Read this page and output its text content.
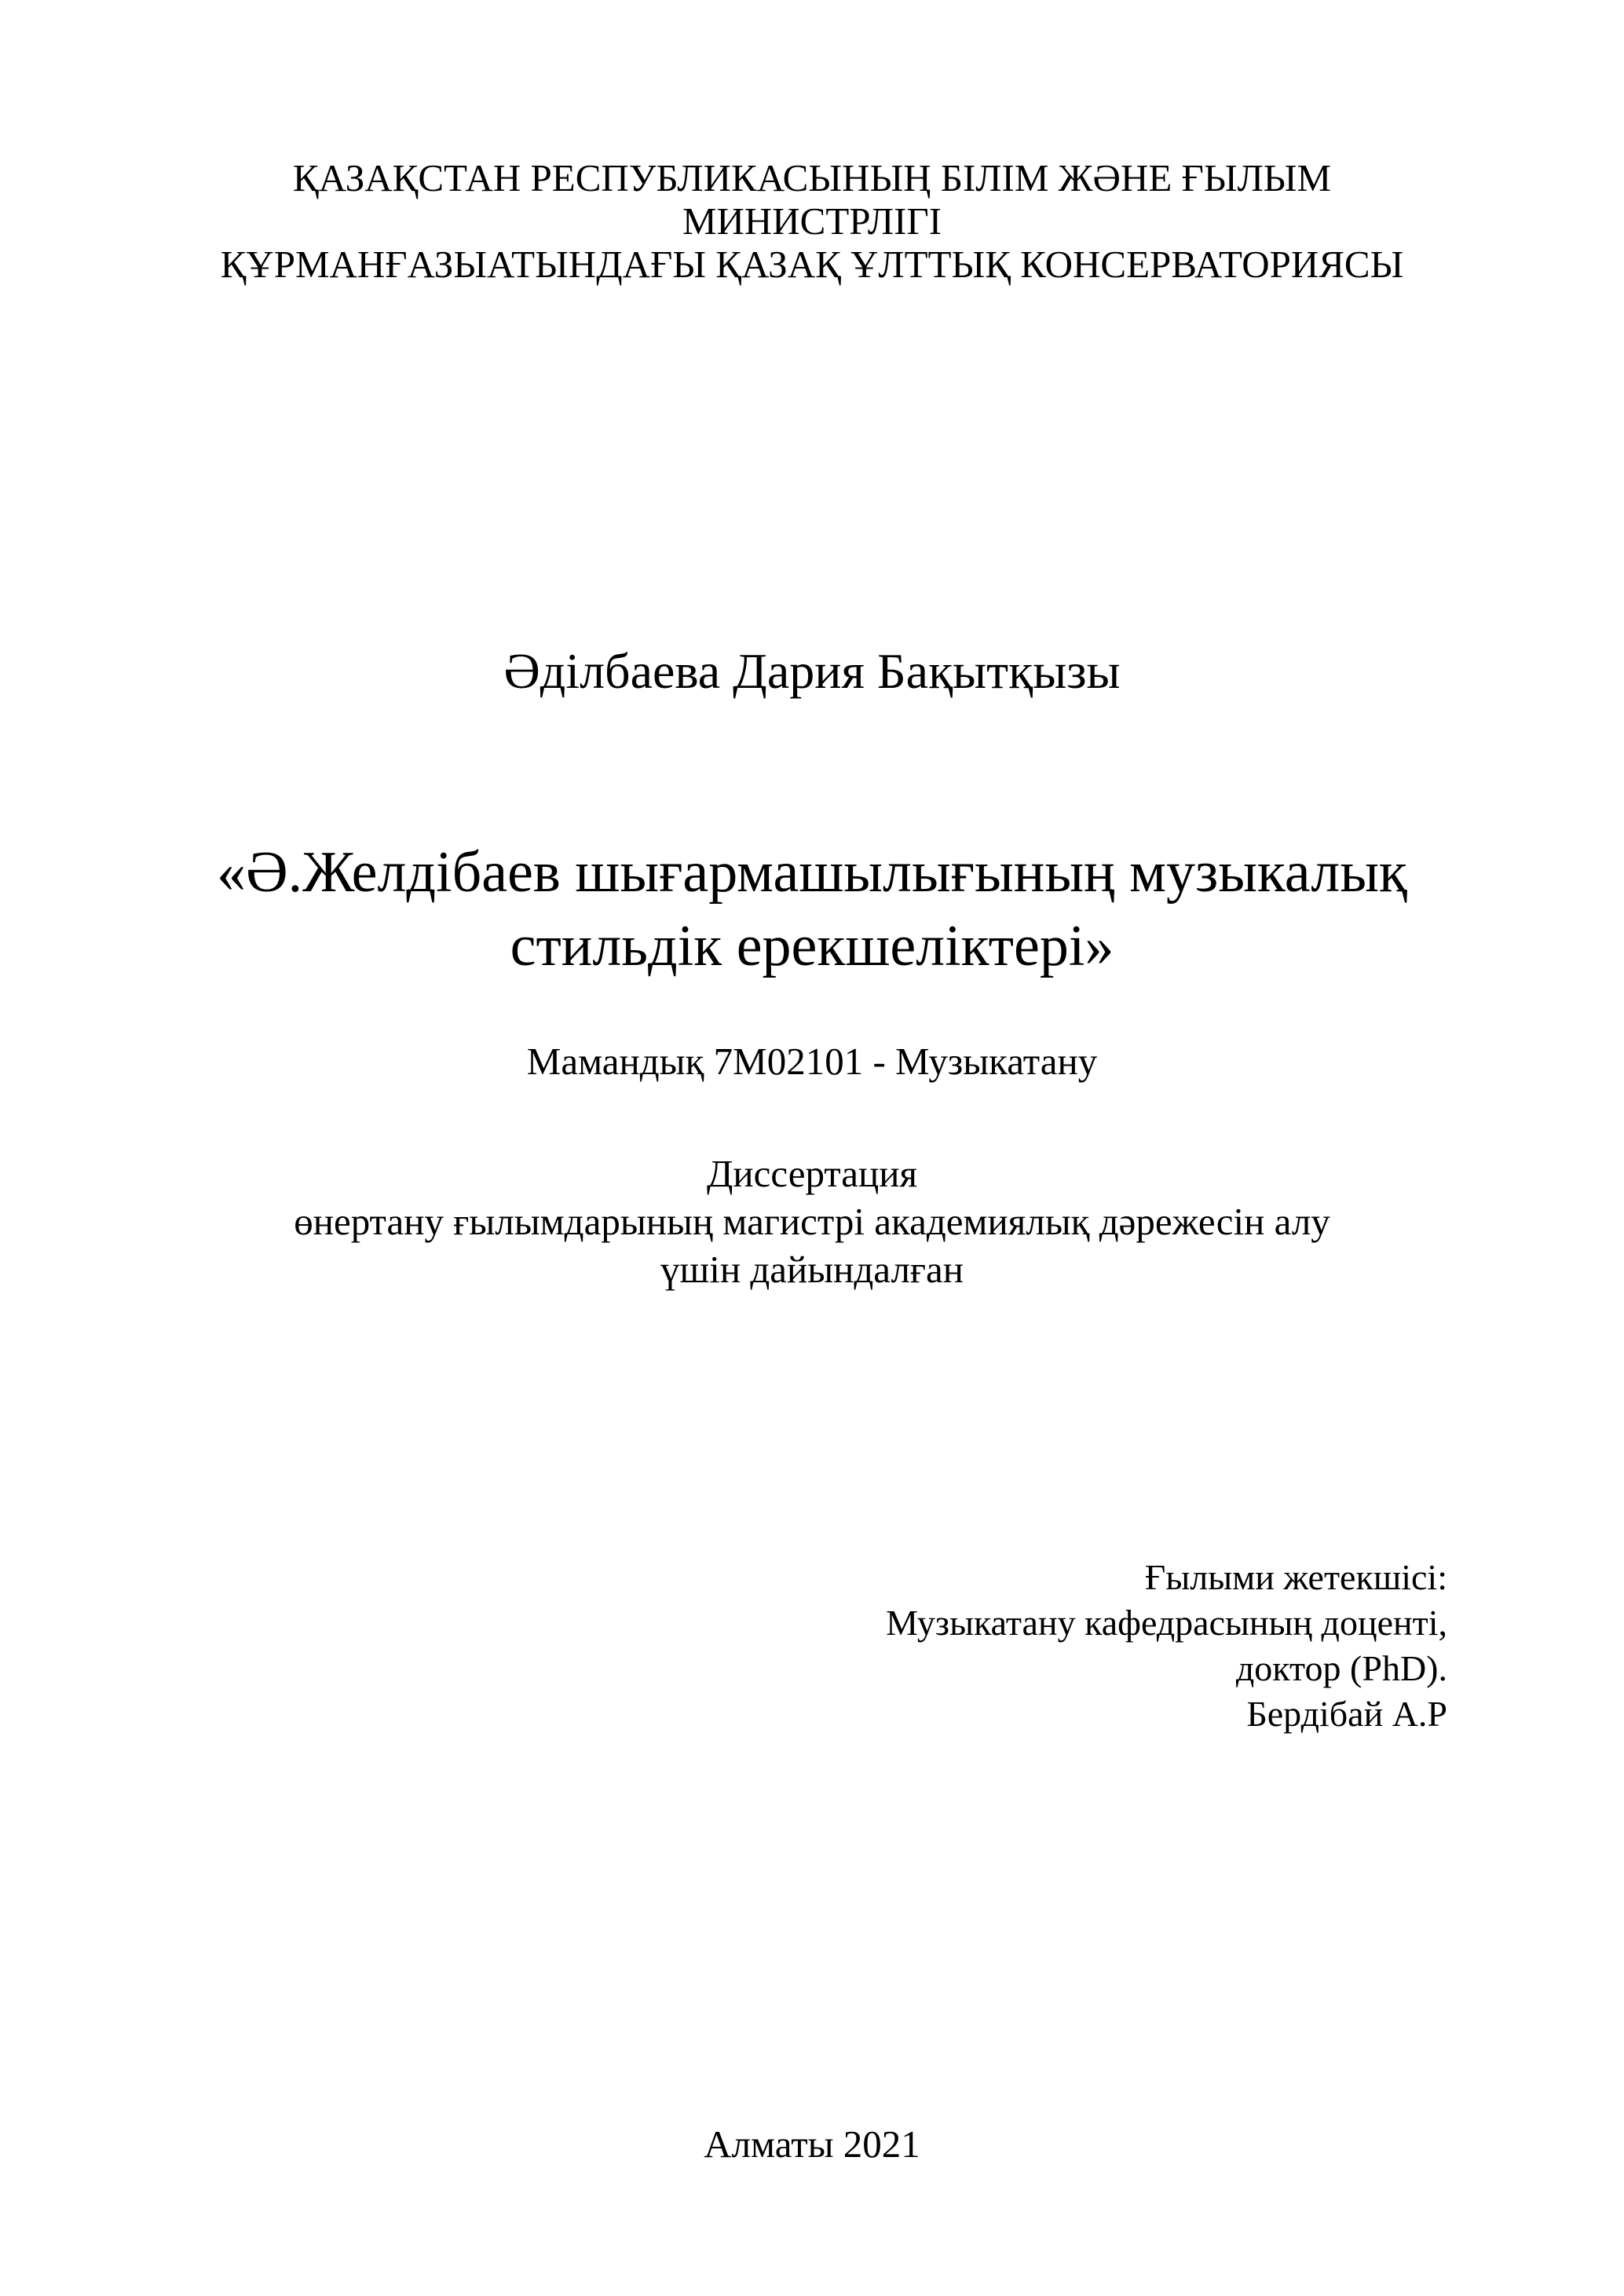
ҚАЗАҚСТАН РЕСПУБЛИКАСЫНЫҢ БІЛІМ ЖӘНЕ ҒЫЛЫМ
МИНИСТРЛІГІ
ҚҰРМАНҒАЗЫАТЫНДАҒЫ ҚАЗАҚ ҰЛТТЫҚ КОНСЕРВАТОРИЯСЫ
Әділбаева Дария Бақытқызы
«Ә.Желдібаев шығармашылығының музыкалық
стильдік ерекшеліктері»
Мамандық 7M02101 - Музыкатану
Диссертация
өнертану ғылымдарының магистрі академиялық дәрежесін алу
үшін дайындалған
Ғылыми жетекшісі:
Музыкатану кафедрасының доценті,
доктор (PhD).
Бердібай А.Р
Алматы 2021
